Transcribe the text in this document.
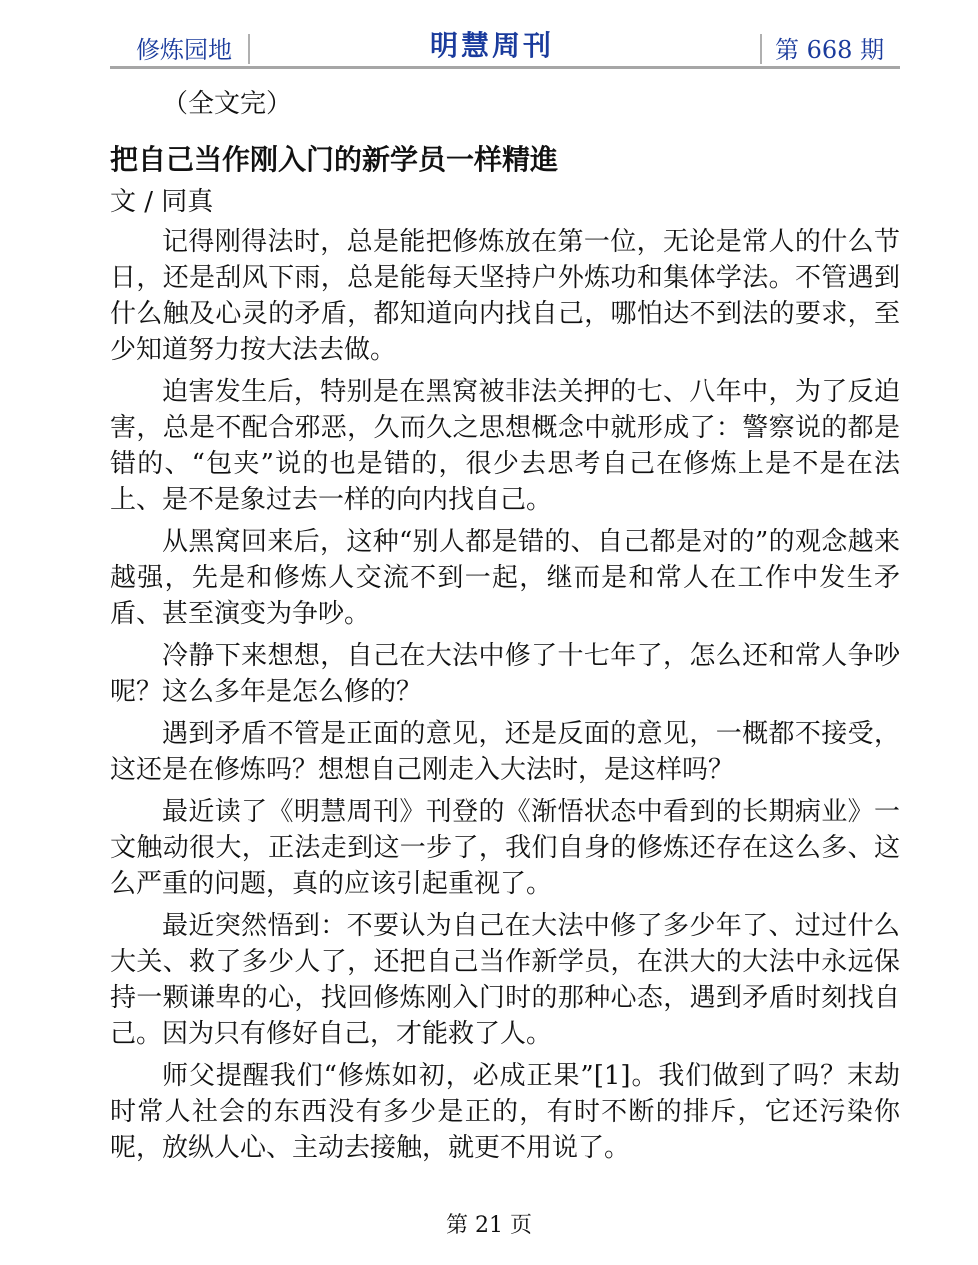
修炼园地	明慧周刊	第 668 期
（全文完）
把自己当作刚入门的新学员一样精進
文 / 同真

记得刚得法时，总是能把修炼放在第一位，无论是常人的什么节日，还是刮风下雨，总是能每天坚持户外炼功和集体学法。不管遇到什么触及心灵的矛盾，都知道向内找自己，哪怕达不到法的要求，至少知道努力按大法去做。

迫害发生后，特别是在黑窝被非法关押的七、八年中，为了反迫害，总是不配合邪恶，久而久之思想概念中就形成了：警察说的都是错的、“包夹”说的也是错的，很少去思考自己在修炼上是不是在法上、是不是象过去一样的向内找自己。

从黑窝回来后，这种“别人都是错的、自己都是对的”的观念越来越强，先是和修炼人交流不到一起，继而是和常人在工作中发生矛盾、甚至演变为争吵。

冷静下来想想，自己在大法中修了十七年了，怎么还和常人争吵呢？这么多年是怎么修的？

遇到矛盾不管是正面的意见，还是反面的意见，一概都不接受，这还是在修炼吗？想想自己刚走入大法时，是这样吗？

最近读了《明慧周刊》刊登的《渐悟状态中看到的长期病业》一文触动很大，正法走到这一步了，我们自身的修炼还存在这么多、这么严重的问题，真的应该引起重视了。

最近突然悟到：不要认为自己在大法中修了多少年了、过过什么大关、救了多少人了，还把自己当作新学员，在洪大的大法中永远保持一颗谦卑的心，找回修炼刚入门时的那种心态，遇到矛盾时刻找自己。因为只有修好自己，才能救了人。

师父提醒我们“修炼如初，必成正果”[1]。我们做到了吗？末劫时常人社会的东西没有多少是正的，有时不断的排斥，它还污染你呢，放纵人心、主动去接触，就更不用说了。

第 21 页
